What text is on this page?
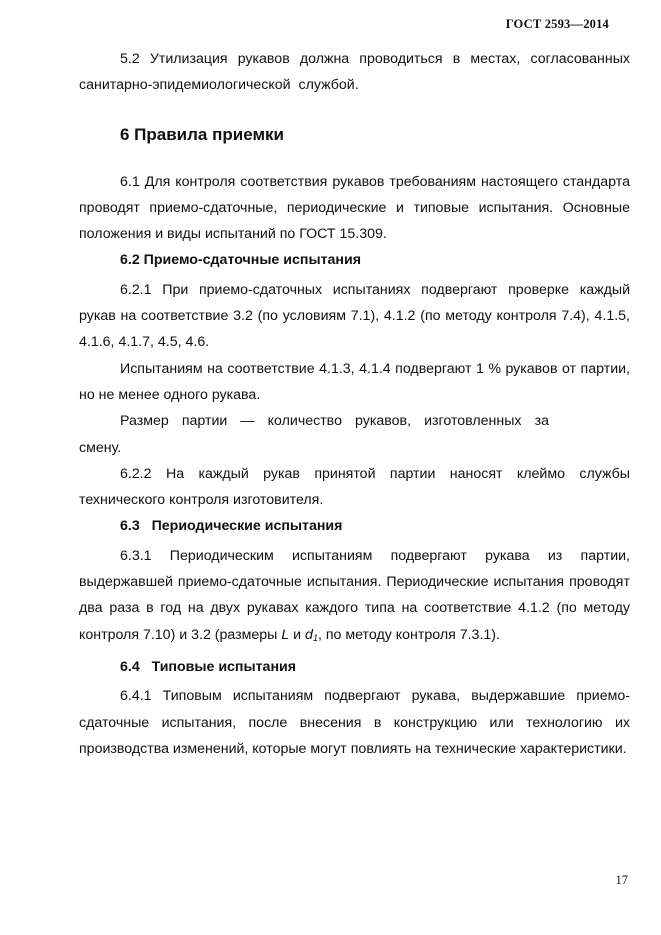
ГОСТ 2593—2014

5.2 Утилизация рукавов должна проводиться в местах, согласованных санитарно-эпидемиологической службой.

6 Правила приемки

6.1 Для контроля соответствия рукавов требованиям настоящего стандарта проводят приемо-сдаточные, периодические и типовые испытания. Основные положения и виды испытаний по ГОСТ 15.309.

6.2 Приемо-сдаточные испытания

6.2.1 При приемо-сдаточных испытаниях подвергают проверке каждый рукав на соответствие 3.2 (по условиям 7.1), 4.1.2 (по методу контроля 7.4), 4.1.5, 4.1.6, 4.1.7, 4.5, 4.6.

Испытаниям на соответствие 4.1.3, 4.1.4 подвергают 1 % рукавов от партии, но не менее одного рукава.

Размер партии — количество рукавов, изготовленных за
смену.

6.2.2 На каждый рукав принятой партии наносят клеймо службы технического контроля изготовителя.

6.3 Периодические испытания

6.3.1 Периодическим испытаниям подвергают рукава из партии, выдержавшей приемо-сдаточные испытания. Периодические испытания проводят два раза в год на двух рукавах каждого типа на соответствие 4.1.2 (по методу контроля 7.10) и 3.2 (размеры L и $d_1$, по методу контроля 7.3.1).

6.4 Типовые испытания

6.4.1 Типовым испытаниям подвергают рукава, выдержавшие приемо-сдаточные испытания, после внесения в конструкцию или технологию их производства изменений, которые могут повлиять на технические характеристики.

17
